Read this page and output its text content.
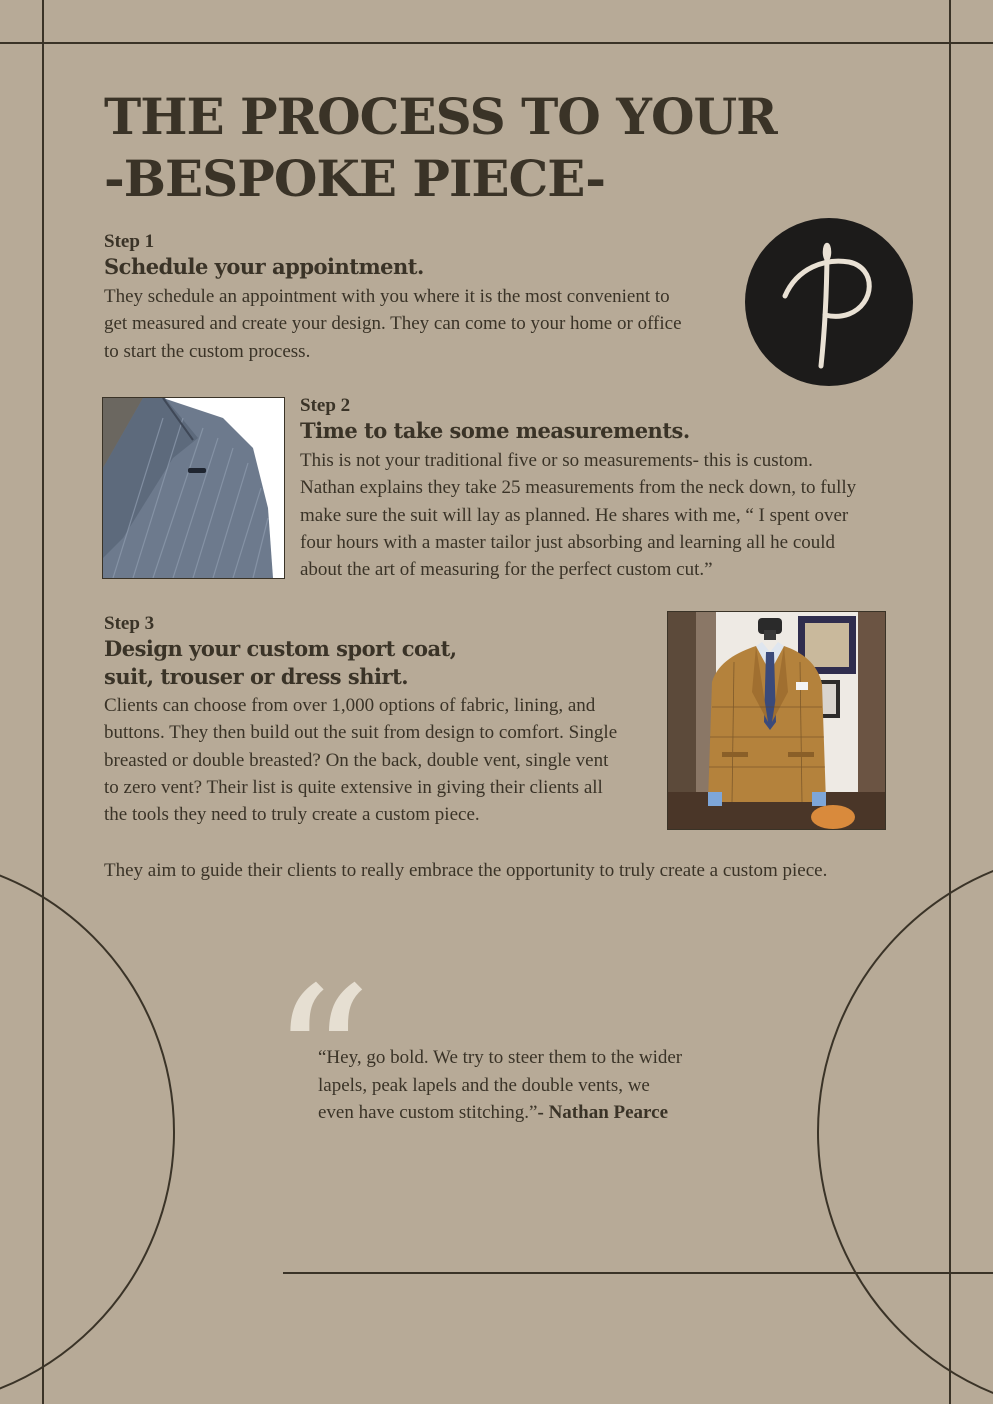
THE PROCESS TO YOUR
-BESPOKE PIECE-
Step 1
Schedule your appointment.

They schedule an appointment with you where it is the most convenient to
get measured and create your design. They can come to your home or office
to start the custom process.

Step 2
Time to take some measurements.

This is not your traditional five or so measurements- this is custom.
Nathan explains they take 25 measurements from the neck down, to fully
make sure the suit will lay as planned. He shares with me, “ I spent over
four hours with a master tailor just absorbing and learning all he could
about the art of measuring for the perfect custom cut.”

Step 3
Design your custom sport coat,
suit, trouser or dress shirt.

Clients can choose from over 1,000 options of fabric, lining, and
buttons. They then build out the suit from design to comfort. Single
breasted or double breasted? On the back, double vent, single vent
to zero vent? Their list is quite extensive in giving their clients all
the tools they need to truly create a custom piece.

They aim to guide their clients to really embrace the opportunity to truly create a custom piece.

“

“Hey, go bold. We try to steer them to the wider
lapels, peak lapels and the double vents, we
even have custom stitching.”- Nathan Pearce
